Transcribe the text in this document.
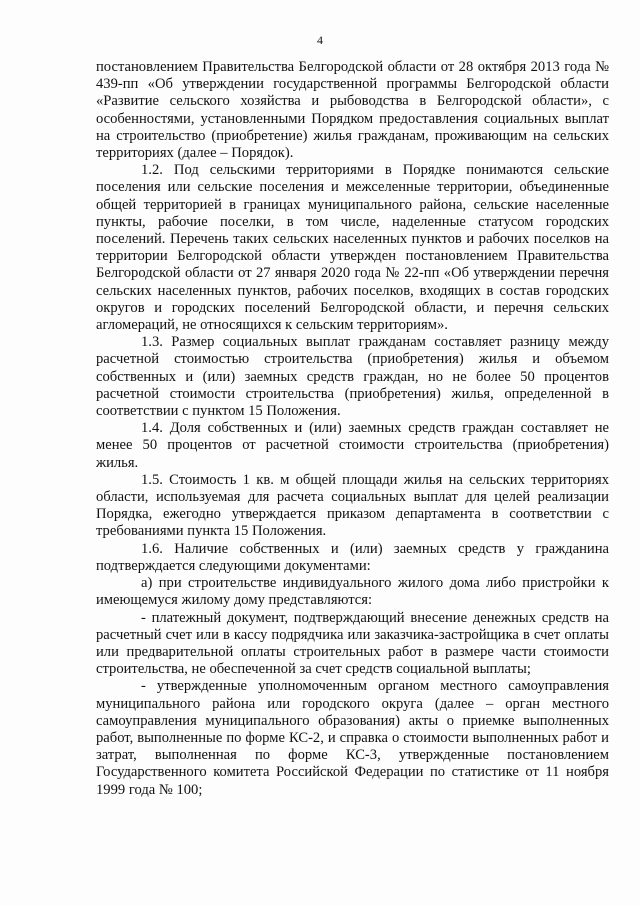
4

постановлением Правительства Белгородской области от 28 октября 2013 года № 439-пп «Об утверждении государственной программы Белгородской области «Развитие сельского хозяйства и рыбоводства в Белгородской области», с особенностями, установленными Порядком предоставления социальных выплат на строительство (приобретение) жилья гражданам, проживающим на сельских территориях (далее – Порядок).

1.2. Под сельскими территориями в Порядке понимаются сельские поселения или сельские поселения и межселенные территории, объединенные общей территорией в границах муниципального района, сельские населенные пункты, рабочие поселки, в том числе, наделенные статусом городских поселений. Перечень таких сельских населенных пунктов и рабочих поселков на территории Белгородской области утвержден постановлением Правительства Белгородской области от 27 января 2020 года № 22-пп «Об утверждении перечня сельских населенных пунктов, рабочих поселков, входящих в состав городских округов и городских поселений Белгородской области, и перечня сельских агломераций, не относящихся к сельским территориям».

1.3. Размер социальных выплат гражданам составляет разницу между расчетной стоимостью строительства (приобретения) жилья и объемом собственных и (или) заемных средств граждан, но не более 50 процентов расчетной стоимости строительства (приобретения) жилья, определенной в соответствии с пунктом 15 Положения.

1.4. Доля собственных и (или) заемных средств граждан составляет не менее 50 процентов от расчетной стоимости строительства (приобретения) жилья.

1.5. Стоимость 1 кв. м общей площади жилья на сельских территориях области, используемая для расчета социальных выплат для целей реализации Порядка, ежегодно утверждается приказом департамента в соответствии с требованиями пункта 15 Положения.

1.6. Наличие собственных и (или) заемных средств у гражданина подтверждается следующими документами:

а) при строительстве индивидуального жилого дома либо пристройки к имеющемуся жилому дому представляются:

- платежный документ, подтверждающий внесение денежных средств на расчетный счет или в кассу подрядчика или заказчика-застройщика в счет оплаты или предварительной оплаты строительных работ в размере части стоимости строительства, не обеспеченной за счет средств социальной выплаты;

- утвержденные уполномоченным органом местного самоуправления муниципального района или городского округа (далее – орган местного самоуправления муниципального образования) акты о приемке выполненных работ, выполненные по форме КС-2, и справка о стоимости выполненных работ и затрат, выполненная по форме КС-3, утвержденные постановлением Государственного комитета Российской Федерации по статистике от 11 ноября 1999 года № 100;
